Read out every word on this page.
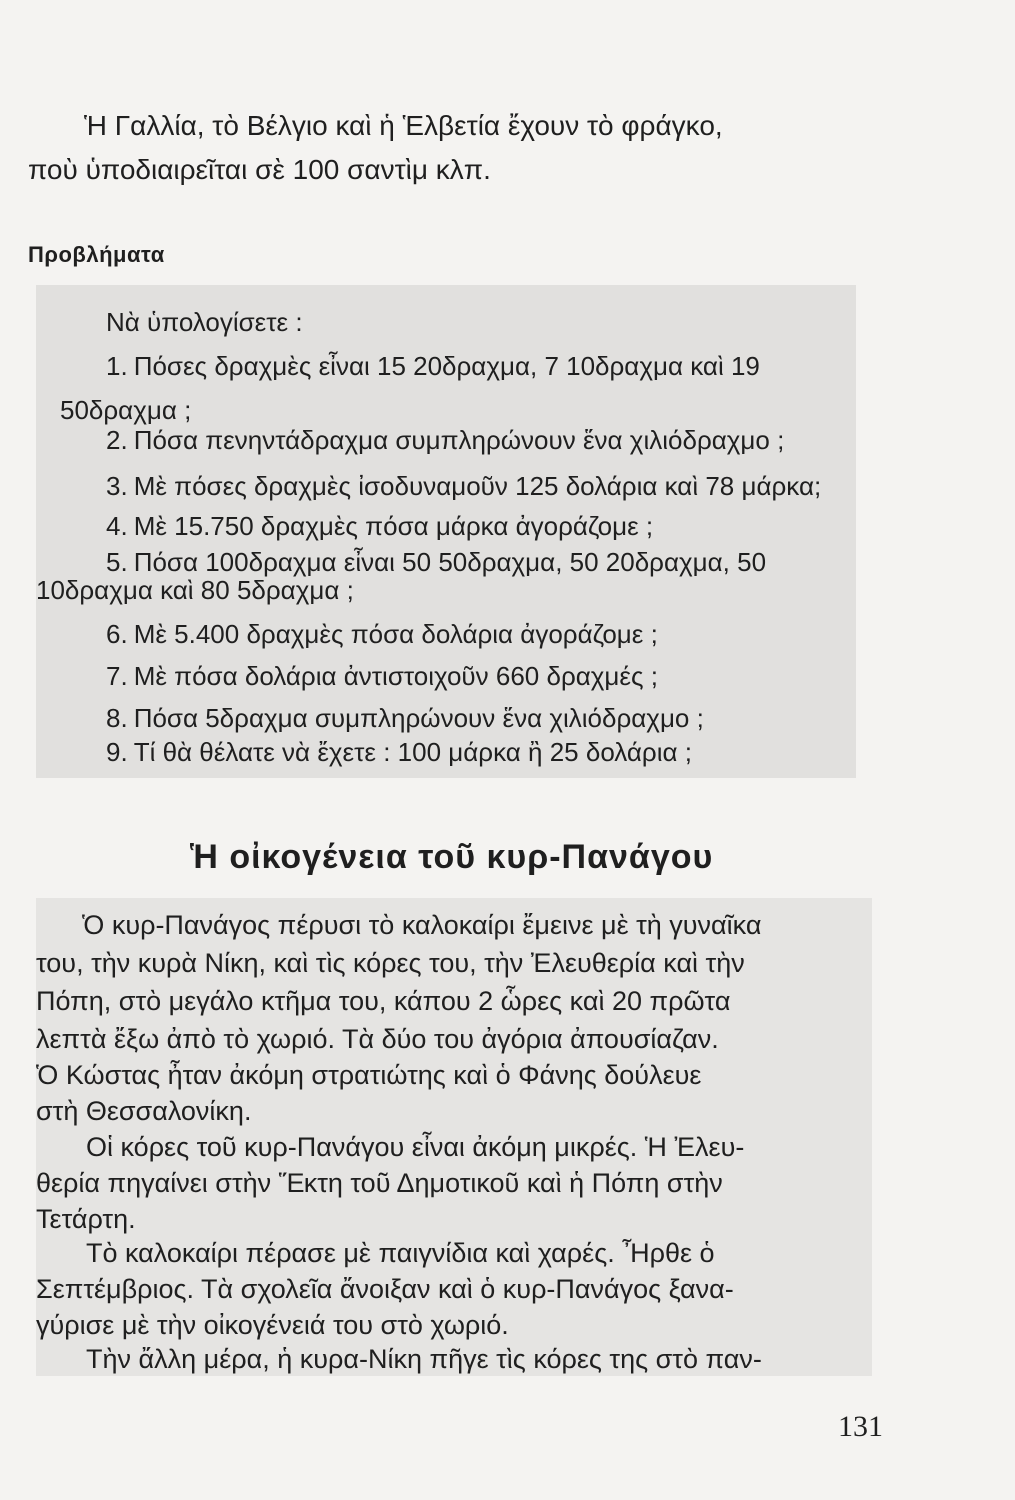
Ἡ Γαλλία, τὸ Βέλγιο καὶ ἡ Ἑλβετία ἔχουν τὸ φράγκο,
ποὺ ὑποδιαιρεῖται σὲ 100 σαντὶμ κλπ.
Προβλήματα
Νὰ ὑπολογίσετε :
1. Πόσες δραχμὲς εἶναι 15 20δραχμα, 7 10δραχμα καὶ 19
50δραχμα ;
2. Πόσα πενηντάδραχμα συμπληρώνουν ἕνα χιλιόδραχμο ;
3. Μὲ πόσες δραχμὲς ἰσοδυναμοῦν 125 δολάρια καὶ 78 μάρκα;
4. Μὲ 15.750 δραχμὲς πόσα μάρκα ἀγοράζομε ;
5. Πόσα 100δραχμα εἶναι 50 50δραχμα, 50 20δραχμα, 50
10δραχμα καὶ 80 5δραχμα ;
6. Μὲ 5.400 δραχμὲς πόσα δολάρια ἀγοράζομε ;
7. Μὲ πόσα δολάρια ἀντιστοιχοῦν 660 δραχμές ;
8. Πόσα 5δραχμα συμπληρώνουν ἕνα χιλιόδραχμο ;
9. Τί θὰ θέλατε νὰ ἔχετε : 100 μάρκα ἢ 25 δολάρια ;
Ἡ οἰκογένεια τοῦ κυρ-Πανάγου
Ὁ κυρ-Πανάγος πέρυσι τὸ καλοκαίρι ἔμεινε μὲ τὴ γυναῖκα
του, τὴν κυρὰ Νίκη, καὶ τὶς κόρες του, τὴν Ἐλευθερία καὶ τὴν
Πόπη, στὸ μεγάλο κτῆμα του, κάπου 2 ὧρες καὶ 20 πρῶτα
λεπτὰ ἔξω ἀπὸ τὸ χωριό. Τὰ δύο του ἀγόρια ἀπουσίαζαν.
Ὁ Κώστας ἦταν ἀκόμη στρατιώτης καὶ ὁ Φάνης δούλευε
στὴ Θεσσαλονίκη.
Οἱ κόρες τοῦ κυρ-Πανάγου εἶναι ἀκόμη μικρές. Ἡ Ἐλευ-
θερία πηγαίνει στὴν Ἕκτη τοῦ Δημοτικοῦ καὶ ἡ Πόπη στὴν
Τετάρτη.
Τὸ καλοκαίρι πέρασε μὲ παιγνίδια καὶ χαρές. Ἦρθε ὁ
Σεπτέμβριος. Τὰ σχολεῖα ἄνοιξαν καὶ ὁ κυρ-Πανάγος ξανα-
γύρισε μὲ τὴν οἰκογένειά του στὸ χωριό.
Τὴν ἄλλη μέρα, ἡ κυρα-Νίκη πῆγε τὶς κόρες της στὸ παν-
131
